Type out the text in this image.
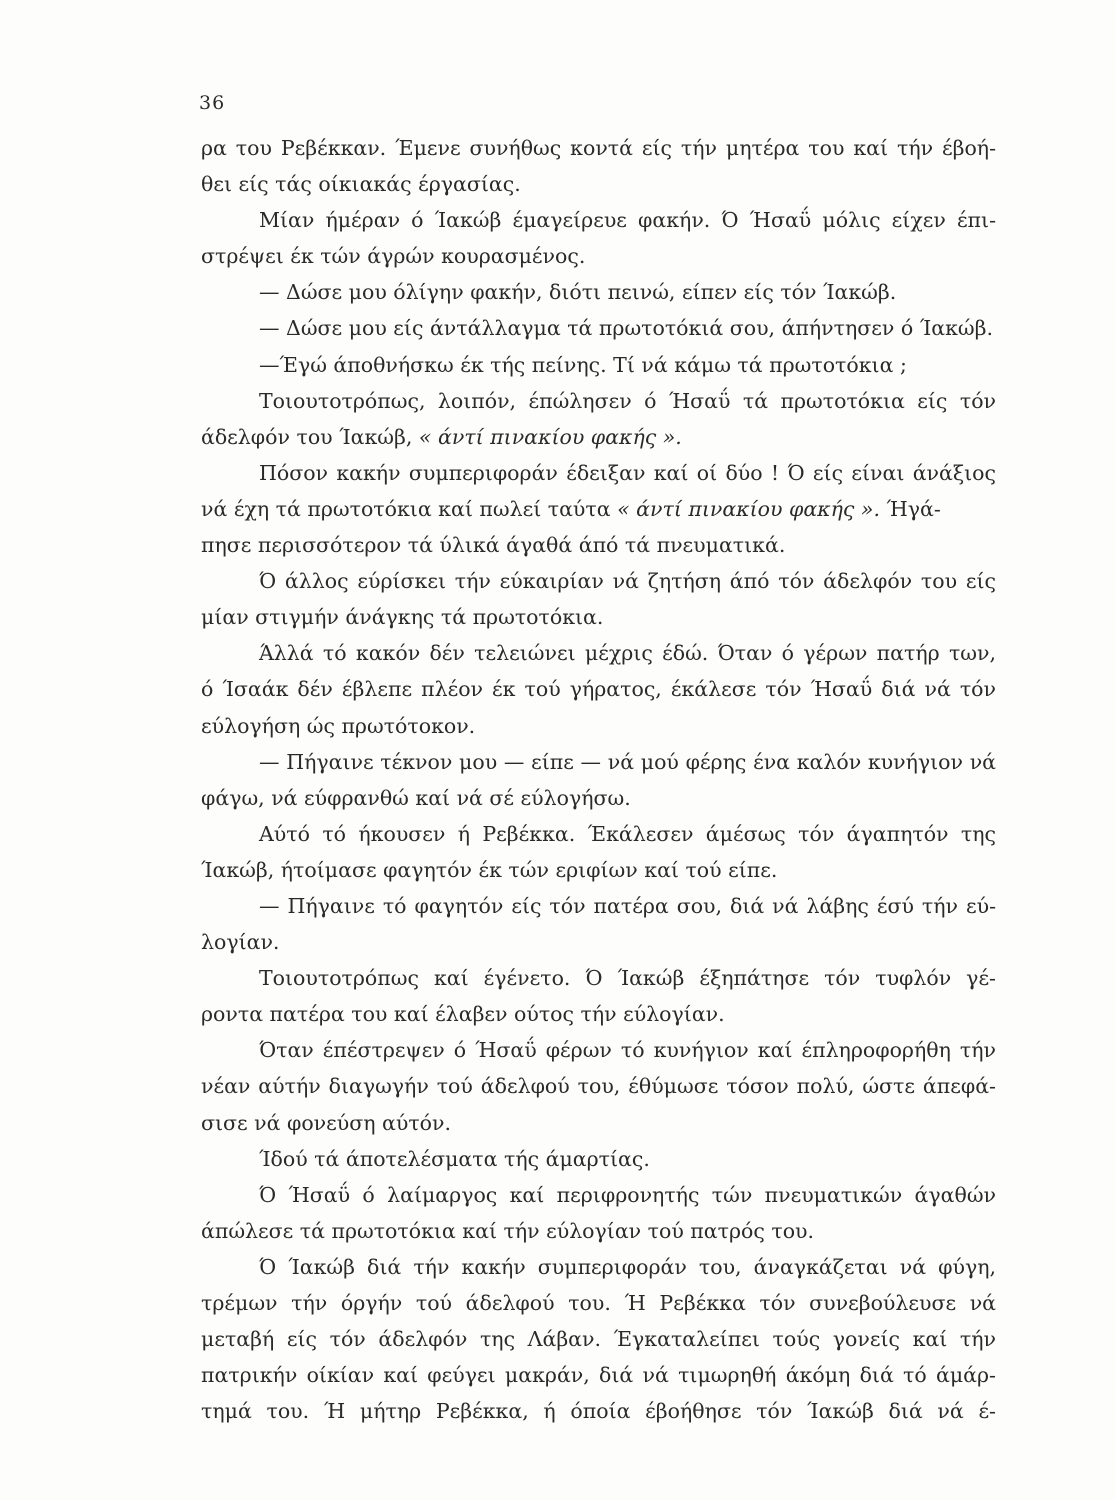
36
ρα του Ρεβέκκαν. Έμενε συνήθως κοντά είς τήν μητέρα του καί τήν έβοή-
θει είς τάς οίκιακάς έργασίας.
Μίαν ήμέραν ό Ίακώβ έμαγείρευε φακήν. Ό Ήσαΰ μόλις είχεν έπι-
στρέψει έκ τών άγρών κουρασμένος.
— Δώσε μου όλίγην φακήν, διότι πεινώ, είπεν είς τόν Ίακώβ.
— Δώσε μου είς άντάλλαγμα τά πρωτοτόκιά σου, άπήντησεν ό Ίακώβ.
—Έγώ άποθνήσκω έκ τής πείνης. Τί νά κάμω τά πρωτοτόκια ;
Τοιουτοτρόπως, λοιπόν, έπώλησεν ό Ήσαΰ τά πρωτοτόκια είς τόν
άδελφόν του Ίακώβ, « άντί πινακίου φακής ».
Πόσον κακήν συμπεριφοράν έδειξαν καί οί δύο ! Ό είς είναι άνάξιος
νά έχη τά πρωτοτόκια καί πωλεί ταύτα « άντί πινακίου φακής ». Ήγά-
πησε περισσότερον τά ύλικά άγαθά άπό τά πνευματικά.
Ό άλλος εύρίσκει τήν εύκαιρίαν νά ζητήση άπό τόν άδελφόν του είς
μίαν στιγμήν άνάγκης τά πρωτοτόκια.
Άλλά τό κακόν δέν τελειώνει μέχρις έδώ. Όταν ό γέρων πατήρ των,
ό Ίσαάκ δέν έβλεπε πλέον έκ τού γήρατος, έκάλεσε τόν Ήσαΰ διά νά τόν
εύλογήση ώς πρωτότοκον.
— Πήγαινε τέκνον μου — είπε — νά μού φέρης ένα καλόν κυνήγιον νά
φάγω, νά εύφρανθώ καί νά σέ εύλογήσω.
Αύτό τό ήκουσεν ή Ρεβέκκα. Έκάλεσεν άμέσως τόν άγαπητόν της
Ίακώβ, ήτοίμασε φαγητόν έκ τών εριφίων καί τού είπε.
— Πήγαινε τό φαγητόν είς τόν πατέρα σου, διά νά λάβης έσύ τήν εύ-
λογίαν.
Τοιουτοτρόπως καί έγένετο. Ό Ίακώβ έξηπάτησε τόν τυφλόν γέ-
ροντα πατέρα του καί έλαβεν ούτος τήν εύλογίαν.
Όταν έπέστρεψεν ό Ήσαΰ φέρων τό κυνήγιον καί έπληροφορήθη τήν
νέαν αύτήν διαγωγήν τού άδελφού του, έθύμωσε τόσον πολύ, ώστε άπεφά-
σισε νά φονεύση αύτόν.
Ίδού τά άποτελέσματα τής άμαρτίας.
Ό Ήσαΰ ό λαίμαργος καί περιφρονητής τών πνευματικών άγαθών
άπώλεσε τά πρωτοτόκια καί τήν εύλογίαν τού πατρός του.
Ό Ίακώβ διά τήν κακήν συμπεριφοράν του, άναγκάζεται νά φύγη,
τρέμων τήν όργήν τού άδελφού του. Ή Ρεβέκκα τόν συνεβούλευσε νά
μεταβή είς τόν άδελφόν της Λάβαν. Έγκαταλείπει τούς γονείς καί τήν
πατρικήν οίκίαν καί φεύγει μακράν, διά νά τιμωρηθή άκόμη διά τό άμάρ-
τημά του. Ή μήτηρ Ρεβέκκα, ή όποία έβοήθησε τόν Ίακώβ διά νά έ-
